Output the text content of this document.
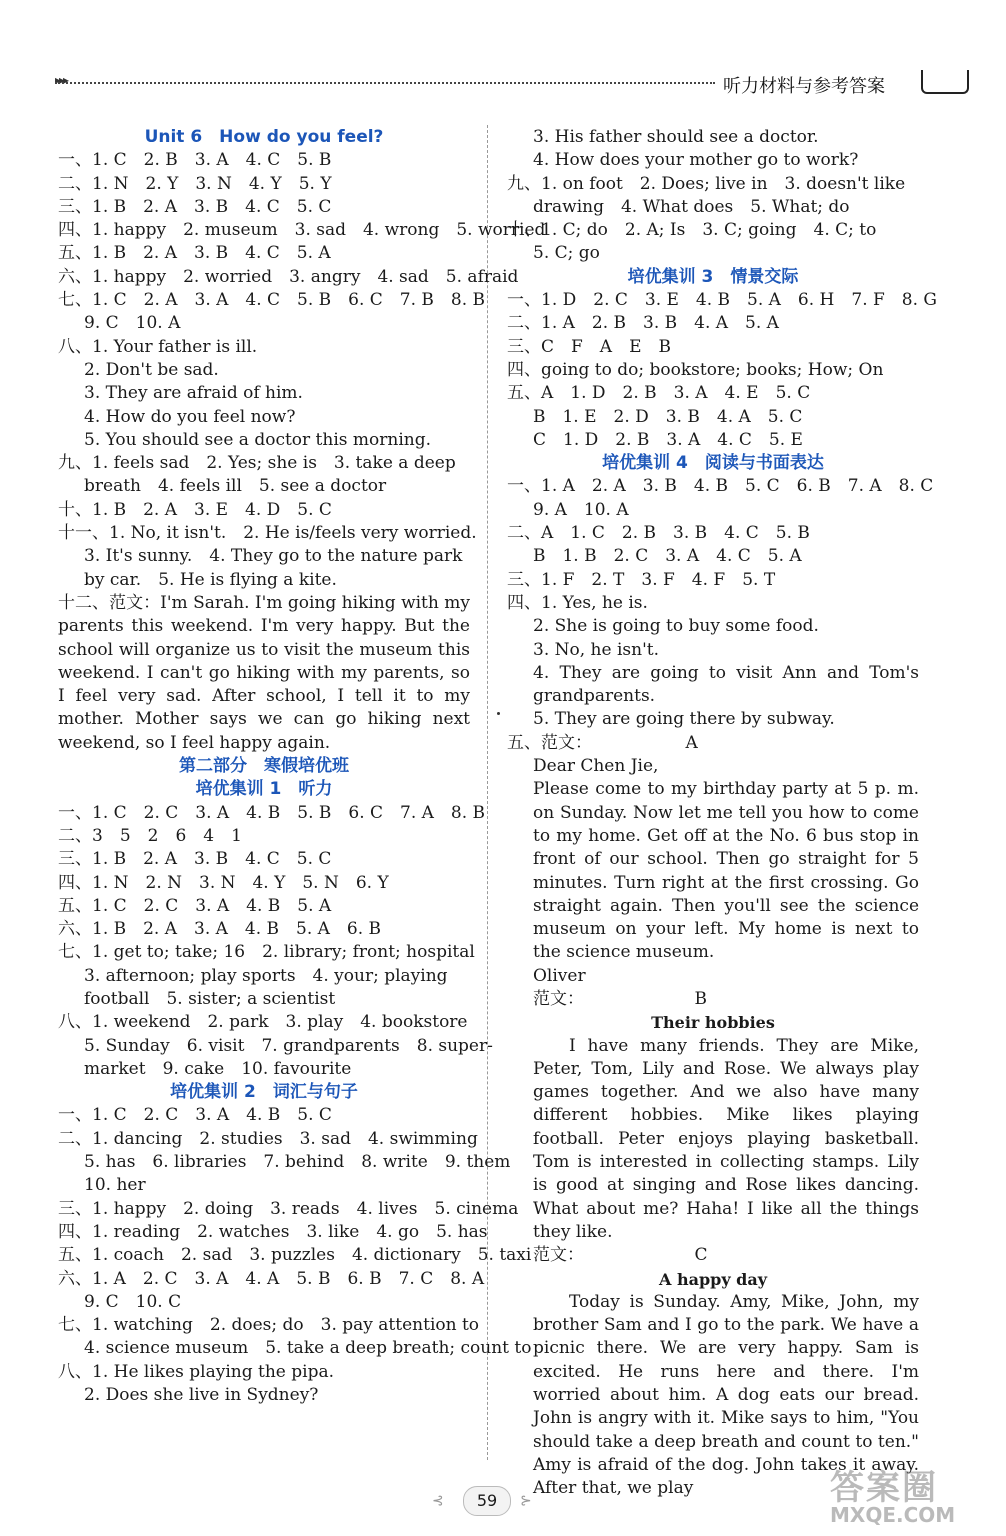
▸▸▸	听力材料与参考答案
Unit 6　How do you feel?
一、1. C　2. B　3. A　4. C　5. B
二、1. N　2. Y　3. N　4. Y　5. Y
三、1. B　2. A　3. B　4. C　5. C
四、1. happy　2. museum　3. sad　4. wrong　5. worried
五、1. B　2. A　3. B　4. C　5. A
六、1. happy　2. worried　3. angry　4. sad　5. afraid
七、1. C　2. A　3. A　4. C　5. B　6. C　7. B　8. B
9. C　10. A
八、1. Your father is ill.
2. Don't be sad.
3. They are afraid of him.
4. How do you feel now?
5. You should see a doctor this morning.
九、1. feels sad　2. Yes; she is　3. take a deep
breath　4. feels ill　5. see a doctor
十、1. B　2. A　3. E　4. D　5. C
十一、1. No, it isn't.　2. He is/feels very worried.
3. It's sunny.　4. They go to the nature park
by car.　5. He is flying a kite.
十二、范文：I'm Sarah. I'm going hiking with my parents this weekend. I'm very happy. But the school will organize us to visit the museum this weekend. I can't go hiking with my parents, so I feel very sad. After school, I tell it to my mother. Mother says we can go hiking next weekend, so I feel happy again.
第二部分　寒假培优班
培优集训 1　听力
一、1. C　2. C　3. A　4. B　5. B　6. C　7. A　8. B
二、3　5　2　6　4　1
三、1. B　2. A　3. B　4. C　5. C
四、1. N　2. N　3. N　4. Y　5. N　6. Y
五、1. C　2. C　3. A　4. B　5. A
六、1. B　2. A　3. A　4. B　5. A　6. B
七、1. get to; take; 16　2. library; front; hospital
3. afternoon; play sports　4. your; playing
football　5. sister; a scientist
八、1. weekend　2. park　3. play　4. bookstore
5. Sunday　6. visit　7. grandparents　8. super-
market　9. cake　10. favourite
培优集训 2　词汇与句子
一、1. C　2. C　3. A　4. B　5. C
二、1. dancing　2. studies　3. sad　4. swimming
5. has　6. libraries　7. behind　8. write　9. them
10. her
三、1. happy　2. doing　3. reads　4. lives　5. cinema
四、1. reading　2. watches　3. like　4. go　5. has
五、1. coach　2. sad　3. puzzles　4. dictionary　5. taxi
六、1. A　2. C　3. A　4. A　5. B　6. B　7. C　8. A
9. C　10. C
七、1. watching　2. does; do　3. pay attention to
4. science museum　5. take a deep breath; count to
八、1. He likes playing the pipa.
2. Does she live in Sydney?
3. His father should see a doctor.
4. How does your mother go to work?
九、1. on foot　2. Does; live in　3. doesn't like
drawing　4. What does　5. What; do
十、1. C; do　2. A; Is　3. C; going　4. C; to
5. C; go
培优集训 3　情景交际
一、1. D　2. C　3. E　4. B　5. A　6. H　7. F　8. G
二、1. A　2. B　3. B　4. A　5. A
三、C　F　A　E　B
四、going to do; bookstore; books; How; On
五、A　1. D　2. B　3. A　4. E　5. C
B　1. E　2. D　3. B　4. A　5. C
C　1. D　2. B　3. A　4. C　5. E
培优集训 4　阅读与书面表达
一、1. A　2. A　3. B　4. B　5. C　6. B　7. A　8. C
9. A　10. A
二、A　1. C　2. B　3. B　4. C　5. B
B　1. B　2. C　3. A　4. C　5. A
三、1. F　2. T　3. F　4. F　5. T
四、1. Yes, he is.
2. She is going to buy some food.
3. No, he isn't.
4. They are going to visit Ann and Tom's grandparents.
5. They are going there by subway.
五、范文：　　　　　　A
Dear Chen Jie,
Please come to my birthday party at 5 p. m. on Sunday. Now let me tell you how to come to my home. Get off at the No. 6 bus stop in front of our school. Then go straight for 5 minutes. Turn right at the first crossing. Go straight again. Then you'll see the science museum on your left. My home is next to the science museum.
Oliver
范文：　　　　　　　B
Their hobbies
I have many friends. They are Mike, Peter, Tom, Lily and Rose. We always play games together. And we also have many different hobbies. Mike likes playing football. Peter enjoys playing basketball. Tom is interested in collecting stamps. Lily is good at singing and Rose likes dancing. What about me? Haha! I like all the things they like.
范文：　　　　　　　C
A happy day
Today is Sunday. Amy, Mike, John, my brother Sam and I go to the park. We have a picnic there. We are very happy. Sam is excited. He runs here and there. I'm worried about him. A dog eats our bread. John is angry with it. Mike says to him, "You should take a deep breath and count to ten." Amy is afraid of the dog. John takes it away. After that, we play
⊰	59	⊱	答案圈
MXQE.COM
